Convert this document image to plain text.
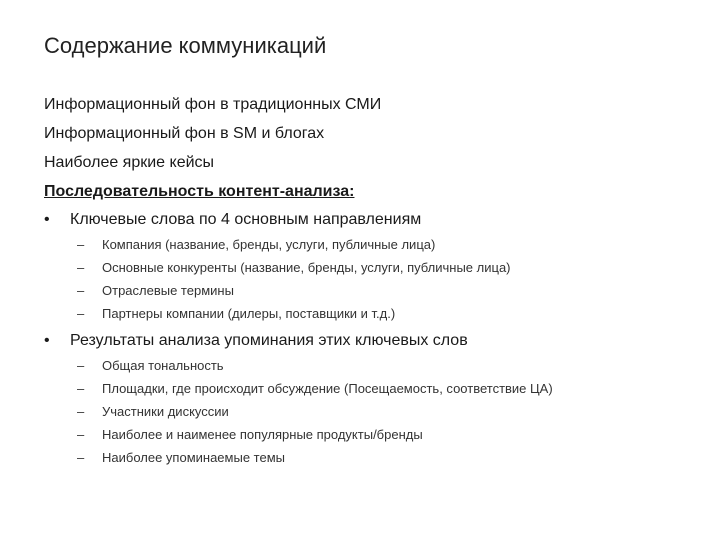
Содержание коммуникаций
Информационный фон в традиционных СМИ
Информационный фон в SM и блогах
Наиболее яркие кейсы
Последовательность контент-анализа:
• Ключевые слова по 4 основным направлениям
– Компания (название, бренды, услуги, публичные лица)
– Основные конкуренты (название, бренды, услуги, публичные лица)
– Отраслевые термины
– Партнеры компании (дилеры, поставщики и т.д.)
• Результаты анализа упоминания этих ключевых слов
– Общая тональность
– Площадки, где происходит обсуждение (Посещаемость, соответствие ЦА)
– Участники дискуссии
– Наиболее и наименее популярные продукты/бренды
– Наиболее упоминаемые темы
